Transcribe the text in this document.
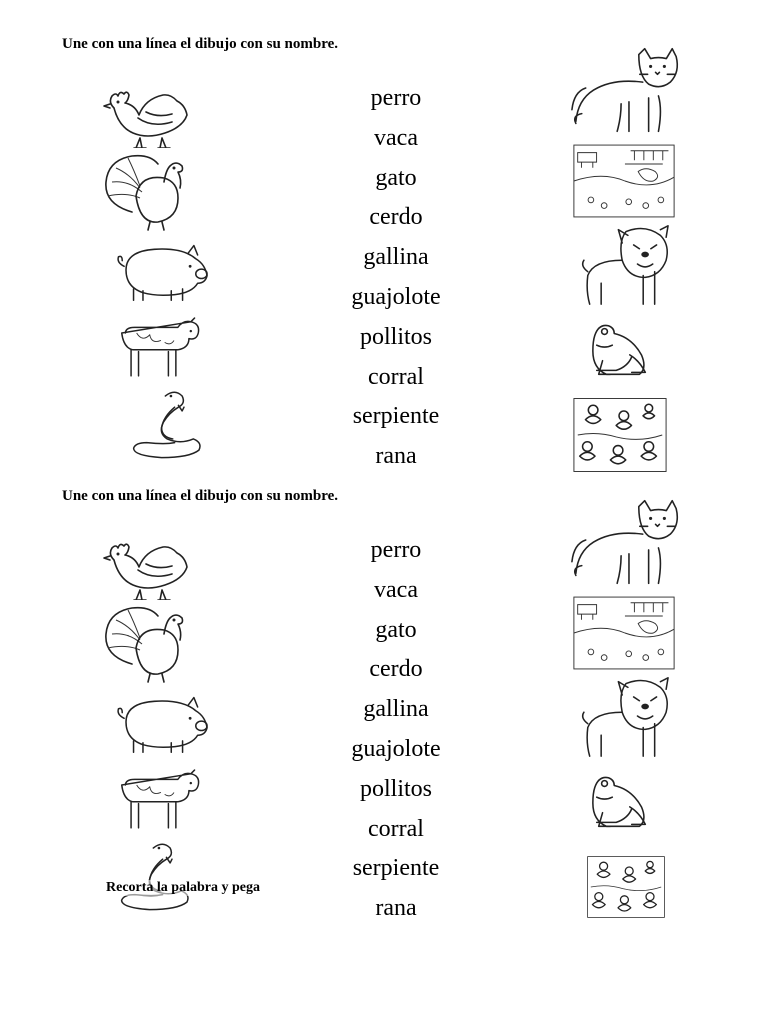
Une con una línea el dibujo con su nombre.
perro
vaca
gato
cerdo
gallina
guajolote
pollitos
corral
serpiente
rana
Une con una línea el dibujo con su nombre.
Recorta la palabra y pega
perro
vaca
gato
cerdo
gallina
guajolote
pollitos
corral
serpiente
rana
